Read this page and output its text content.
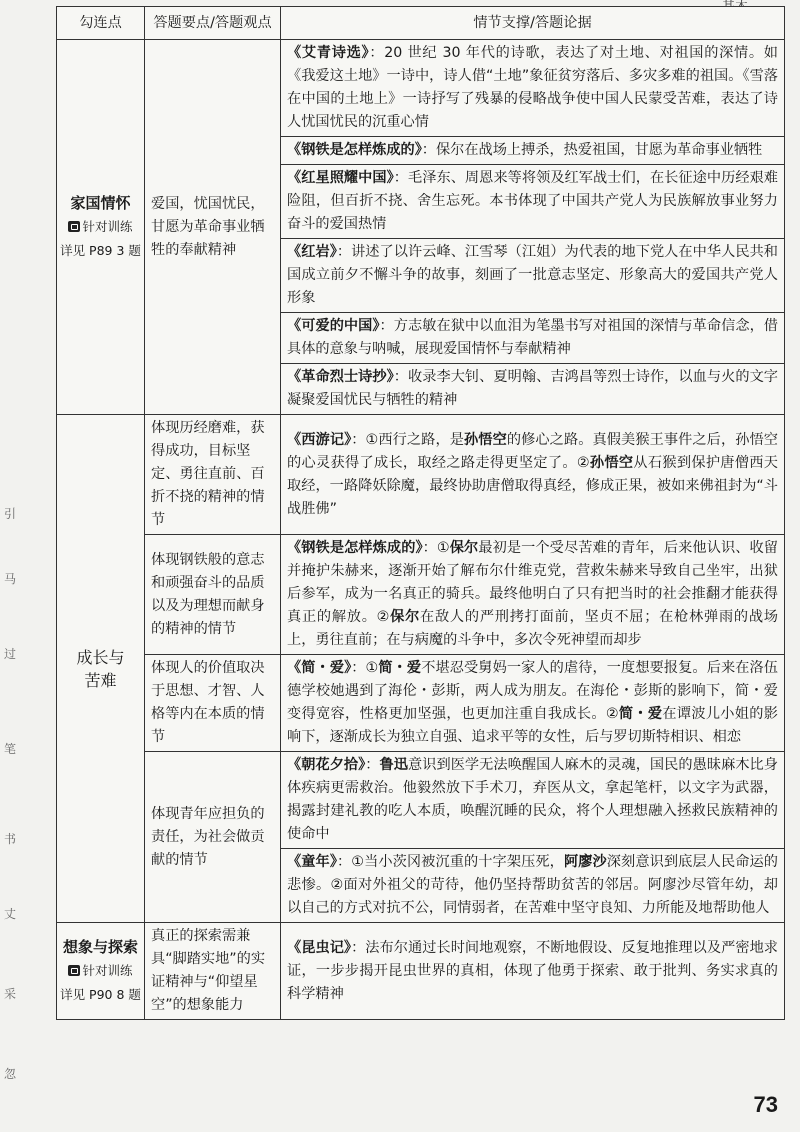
引
马
过
笔
书
丈
采
忽
勾连点	答题要点/答题观点	情节支撑/答题论据

家国情怀
针对训练
详见 P89 3 题	爱国，忧国忧民，甘愿为革命事业牺牲的奉献精神	《艾青诗选》：20 世纪 30 年代的诗歌，表达了对土地、对祖国的深情。如《我爱这土地》一诗中，诗人借“土地”象征贫穷落后、多灾多难的祖国。《雪落在中国的土地上》一诗抒写了残暴的侵略战争使中国人民蒙受苦难，表达了诗人忧国忧民的沉重心情
		《钢铁是怎样炼成的》：保尔在战场上搏杀，热爱祖国，甘愿为革命事业牺牲
		《红星照耀中国》：毛泽东、周恩来等将领及红军战士们，在长征途中历经艰难险阻，但百折不挠、舍生忘死。本书体现了中国共产党人为民族解放事业努力奋斗的爱国热情
		《红岩》：讲述了以许云峰、江雪琴（江姐）为代表的地下党人在中华人民共和国成立前夕不懈斗争的故事，刻画了一批意志坚定、形象高大的爱国共产党人形象
		《可爱的中国》：方志敏在狱中以血泪为笔墨书写对祖国的深情与革命信念，借具体的意象与呐喊，展现爱国情怀与奉献精神
		《革命烈士诗抄》：收录李大钊、夏明翰、吉鸿昌等烈士诗作，以血与火的文字凝聚爱国忧民与牺牲的精神

成长与
苦难	体现历经磨难，获得成功，目标坚定、勇往直前、百折不挠的精神的情节	《西游记》：①西行之路，是孙悟空的修心之路。真假美猴王事件之后，孙悟空的心灵获得了成长，取经之路走得更坚定了。②孙悟空从石猴到保护唐僧西天取经，一路降妖除魔，最终协助唐僧取得真经，修成正果，被如来佛祖封为“斗战胜佛”
	体现钢铁般的意志和顽强奋斗的品质以及为理想而献身的精神的情节	《钢铁是怎样炼成的》：①保尔最初是一个受尽苦难的青年，后来他认识、收留并掩护朱赫来，逐渐开始了解布尔什维克党，营救朱赫来导致自己坐牢，出狱后参军，成为一名真正的骑兵。最终他明白了只有把当时的社会推翻才能获得真正的解放。②保尔在敌人的严刑拷打面前，坚贞不屈；在枪林弹雨的战场上，勇往直前；在与病魔的斗争中，多次令死神望而却步
	体现人的价值取决于思想、才智、人格等内在本质的情节	《简・爱》：①简・爱不堪忍受舅妈一家人的虐待，一度想要报复。后来在洛伍德学校她遇到了海伦・彭斯，两人成为朋友。在海伦・彭斯的影响下，简・爱变得宽容，性格更加坚强，也更加注重自我成长。②简・爱在谭波儿小姐的影响下，逐渐成长为独立自强、追求平等的女性，后与罗切斯特相识、相恋
	体现青年应担负的责任，为社会做贡献的情节	《朝花夕拾》：鲁迅意识到医学无法唤醒国人麻木的灵魂，国民的愚昧麻木比身体疾病更需救治。他毅然放下手术刀，弃医从文，拿起笔杆，以文字为武器，揭露封建礼教的吃人本质，唤醒沉睡的民众，将个人理想融入拯救民族精神的使命中
		《童年》：①当小茨冈被沉重的十字架压死，阿廖沙深刻意识到底层人民命运的悲惨。②面对外祖父的苛待，他仍坚持帮助贫苦的邻居。阿廖沙尽管年幼，却以自己的方式对抗不公，同情弱者，在苦难中坚守良知、力所能及地帮助他人

想象与探索
针对训练
详见 P90 8 题	真正的探索需兼具“脚踏实地”的实证精神与“仰望星空”的想象能力	《昆虫记》：法布尔通过长时间地观察，不断地假设、反复地推理以及严密地求证，一步步揭开昆虫世界的真相，体现了他勇于探索、敢于批判、务实求真的科学精神
73
